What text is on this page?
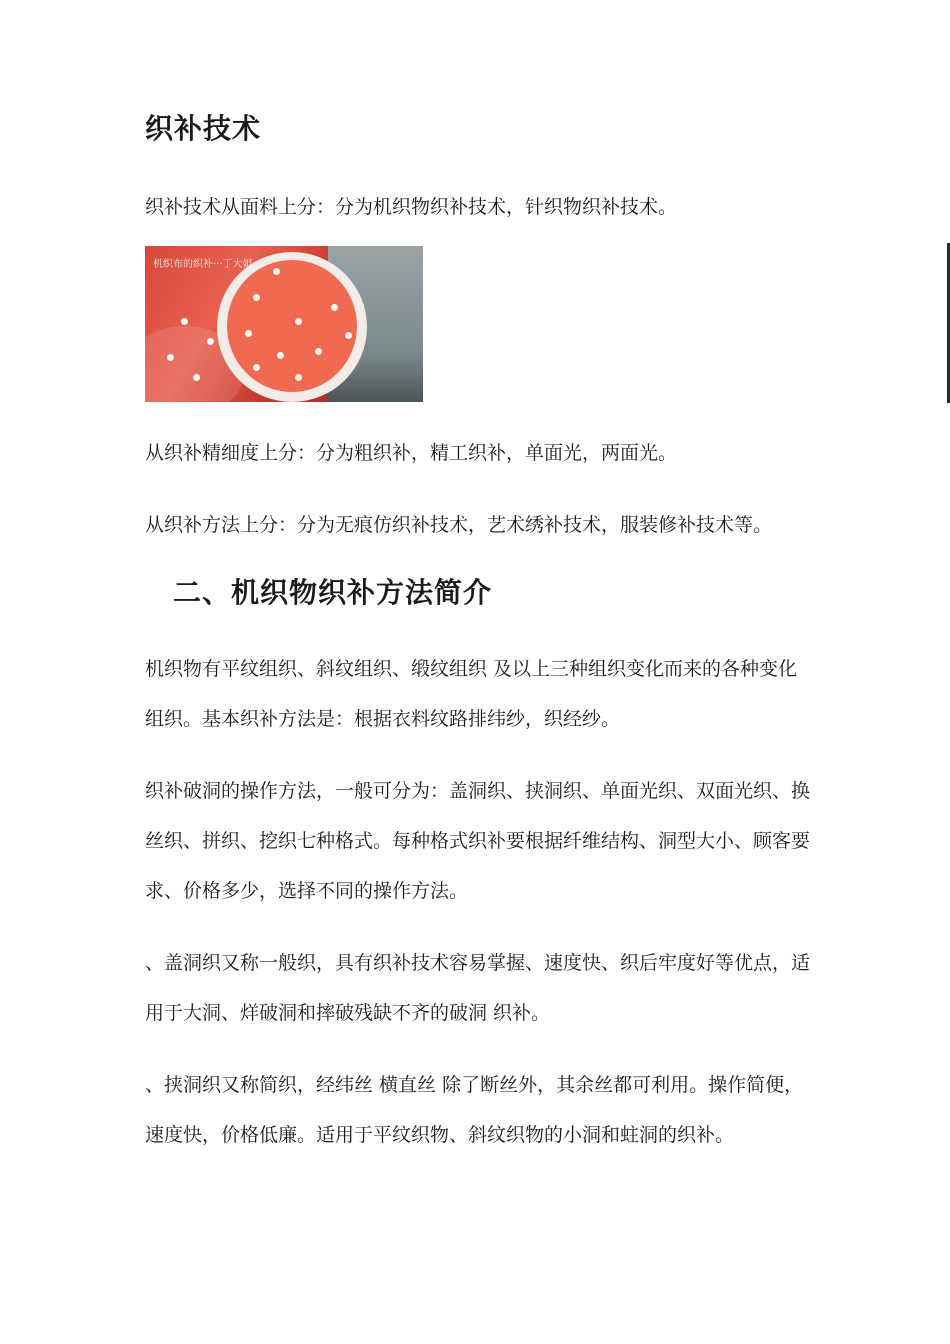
织补技术
织补技术从面料上分：分为机织物织补技术，针织物织补技术。
机织布的织补···丁大姐
从织补精细度上分：分为粗织补，精工织补，单面光，两面光。
从织补方法上分：分为无痕仿织补技术，艺术绣补技术，服装修补技术等。
二、机织物织补方法简介
机织物有平纹组织、斜纹组织、缎纹组织 及以上三种组织变化而来的各种变化组织。基本织补方法是：根据衣料纹路排纬纱，织经纱。
织补破洞的操作方法，一般可分为：盖洞织、挟洞织、单面光织、双面光织、换丝织、拼织、挖织七种格式。每种格式织补要根据纤维结构、洞型大小、顾客要求、价格多少，选择不同的操作方法。
、盖洞织又称一般织，具有织补技术容易掌握、速度快、织后牢度好等优点，适用于大洞、烊破洞和摔破残缺不齐的破洞 织补。
、挟洞织又称简织，经纬丝 横直丝 除了断丝外，其余丝都可利用。操作简便，速度快，价格低廉。适用于平纹织物、斜纹织物的小洞和蛀洞的织补。
